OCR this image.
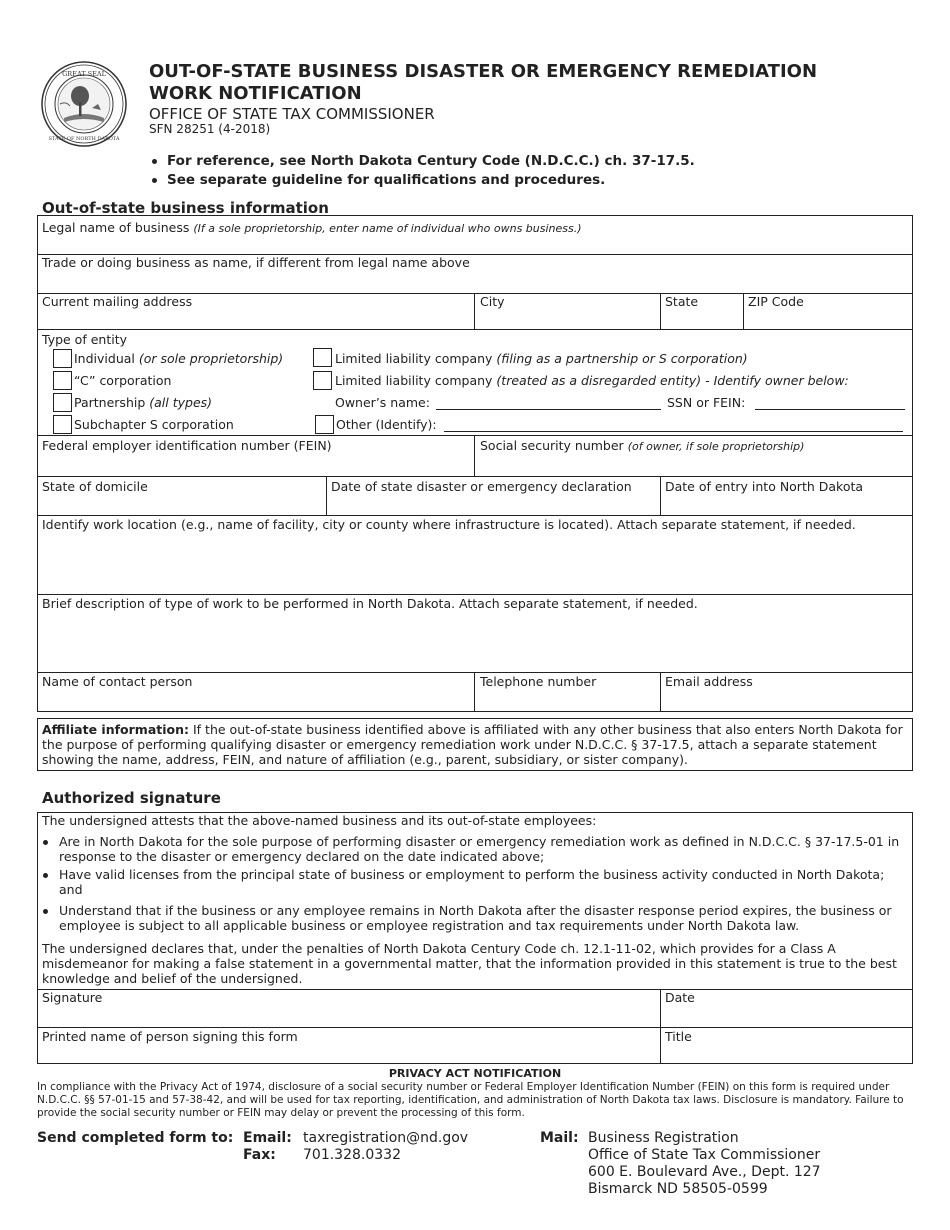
GREAT SEAL
STATE OF NORTH DAKOTA
OUT-OF-STATE BUSINESS DISASTER OR EMERGENCY REMEDIATION
WORK NOTIFICATION
OFFICE OF STATE TAX COMMISSIONER
SFN 28251 (4-2018)
For reference, see North Dakota Century Code (N.D.C.C.) ch. 37-17.5.
See separate guideline for qualifications and procedures.
Out-of-state business information
Legal name of business (If a sole proprietorship, enter name of individual who owns business.)
Trade or doing business as name, if different from legal name above
Current mailing address	City	State	ZIP Code
Type of entity
Individual (or sole proprietorship)
“C” corporation
Partnership (all types)
Subchapter S corporation
Limited liability company (filing as a partnership or S corporation)
Limited liability company (treated as a disregarded entity) - Identify owner below:
Owner’s name:	SSN or FEIN:
Other (Identify):
Federal employer identification number (FEIN)	Social security number (of owner, if sole proprietorship)
State of domicile	Date of state disaster or emergency declaration	Date of entry into North Dakota
Identify work location (e.g., name of facility, city or county where infrastructure is located). Attach separate statement, if needed.
Brief description of type of work to be performed in North Dakota. Attach separate statement, if needed.
Name of contact person	Telephone number	Email address
Affiliate information: If the out-of-state business identified above is affiliated with any other business that also enters North Dakota for the purpose of performing qualifying disaster or emergency remediation work under N.D.C.C. § 37-17.5, attach a separate statement showing the name, address, FEIN, and nature of affiliation (e.g., parent, subsidiary, or sister company).
Authorized signature
The undersigned attests that the above-named business and its out-of-state employees:
Are in North Dakota for the sole purpose of performing disaster or emergency remediation work as defined in N.D.C.C. § 37-17.5-01 in response to the disaster or emergency declared on the date indicated above;
Have valid licenses from the principal state of business or employment to perform the business activity conducted in North Dakota; and
Understand that if the business or any employee remains in North Dakota after the disaster response period expires, the business or employee is subject to all applicable business or employee registration and tax requirements under North Dakota law.
The undersigned declares that, under the penalties of North Dakota Century Code ch. 12.1-11-02, which provides for a Class A misdemeanor for making a false statement in a governmental matter, that the information provided in this statement is true to the best knowledge and belief of the undersigned.
Signature	Date
Printed name of person signing this form	Title
PRIVACY ACT NOTIFICATION
In compliance with the Privacy Act of 1974, disclosure of a social security number or Federal Employer Identification Number (FEIN) on this form is required under N.D.C.C. §§ 57-01-15 and 57-38-42, and will be used for tax reporting, identification, and administration of North Dakota tax laws. Disclosure is mandatory. Failure to provide the social security number or FEIN may delay or prevent the processing of this form.
Send completed form to: Email: taxregistration@nd.gov
Fax: 701.328.0332
Mail: Business Registration
Office of State Tax Commissioner
600 E. Boulevard Ave., Dept. 127
Bismarck ND 58505-0599
